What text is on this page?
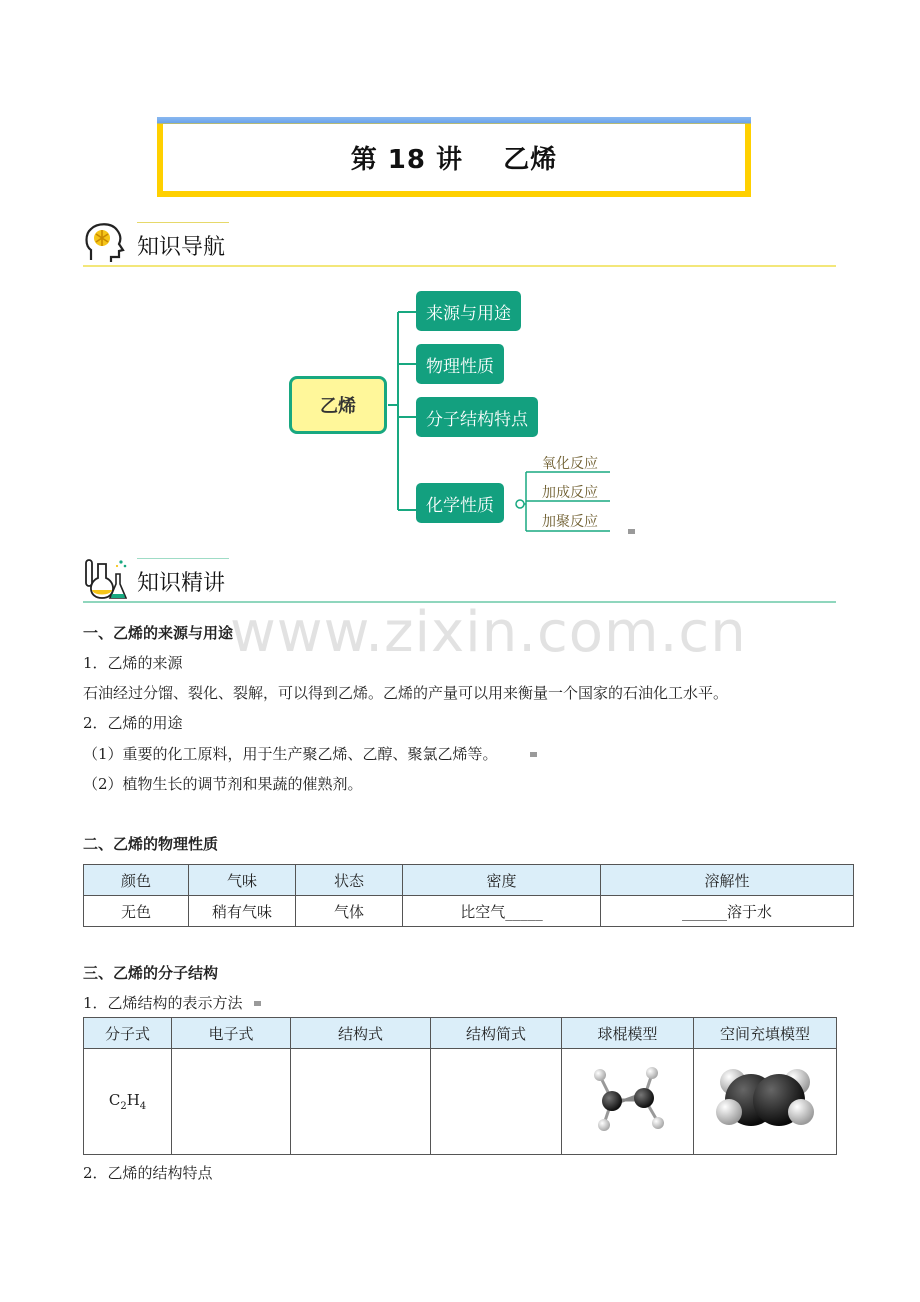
第 18 讲    乙烯
知识导航
乙烯
来源与用途
物理性质
分子结构特点
化学性质
氧化反应
加成反应
加聚反应
知识精讲
www.zixin.com.cn
一、乙烯的来源与用途
1．乙烯的来源
石油经过分馏、裂化、裂解，可以得到乙烯。乙烯的产量可以用来衡量一个国家的石油化工水平。
2．乙烯的用途
（1）重要的化工原料，用于生产聚乙烯、乙醇、聚氯乙烯等。
（2）植物生长的调节剂和果蔬的催熟剂。
二、乙烯的物理性质
颜色	气味	状态	密度	溶解性
无色	稍有气味	气体	比空气_____	______溶于水
三、乙烯的分子结构
1．乙烯结构的表示方法
分子式	电子式	结构式	结构简式	球棍模型	空间充填模型
$C_2H_4$					
2．乙烯的结构特点
